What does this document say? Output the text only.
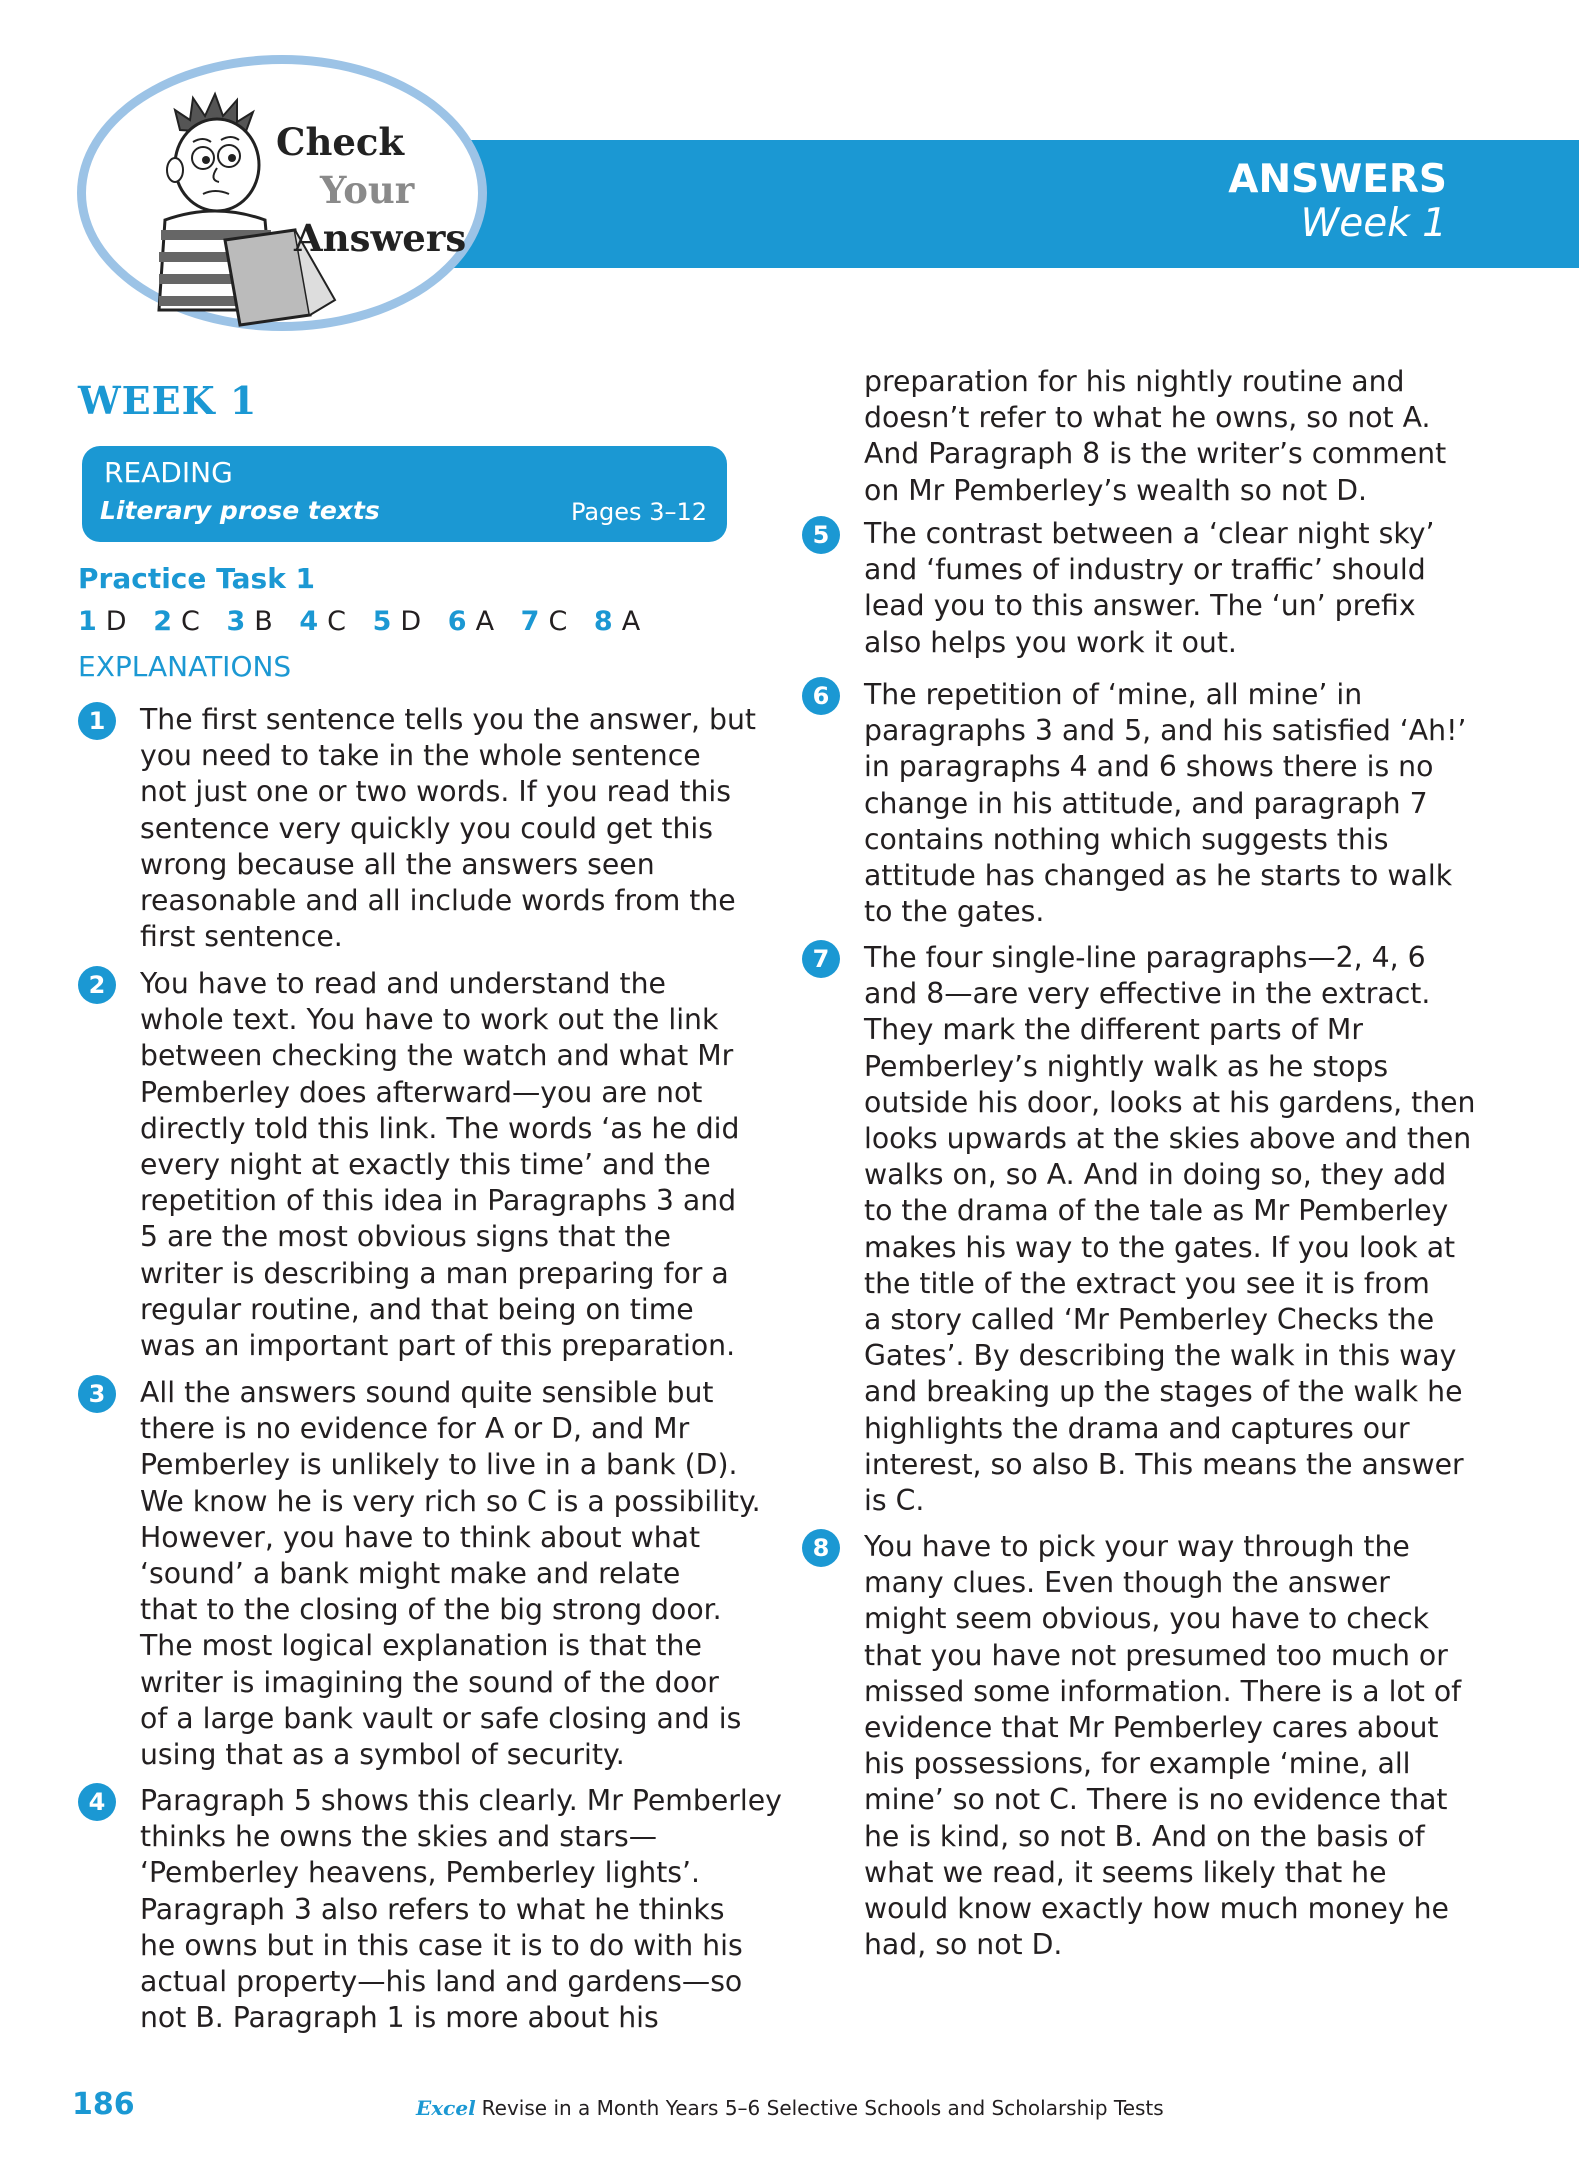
ANSWERS
Week 1
Check
Your
Answers
WEEK 1
READING
Literary prose texts	Pages 3–12
Practice Task 1
1 D 2 C 3 B 4 C 5 D 6 A 7 C 8 A
EXPLANATIONS
1	The first sentence tells you the answer, but
you need to take in the whole sentence
not just one or two words. If you read this
sentence very quickly you could get this
wrong because all the answers seen
reasonable and all include words from the
first sentence.
2	You have to read and understand the
whole text. You have to work out the link
between checking the watch and what Mr
Pemberley does afterward—you are not
directly told this link. The words ‘as he did
every night at exactly this time’ and the
repetition of this idea in Paragraphs 3 and
5 are the most obvious signs that the
writer is describing a man preparing for a
regular routine, and that being on time
was an important part of this preparation.
3	All the answers sound quite sensible but
there is no evidence for A or D, and Mr
Pemberley is unlikely to live in a bank (D).
We know he is very rich so C is a possibility.
However, you have to think about what
‘sound’ a bank might make and relate
that to the closing of the big strong door.
The most logical explanation is that the
writer is imagining the sound of the door
of a large bank vault or safe closing and is
using that as a symbol of security.
4	Paragraph 5 shows this clearly. Mr Pemberley
thinks he owns the skies and stars—
‘Pemberley heavens, Pemberley lights’.
Paragraph 3 also refers to what he thinks
he owns but in this case it is to do with his
actual property—his land and gardens—so
not B. Paragraph 1 is more about his
preparation for his nightly routine and
doesn’t refer to what he owns, so not A.
And Paragraph 8 is the writer’s comment
on Mr Pemberley’s wealth so not D.
5	The contrast between a ‘clear night sky’
and ‘fumes of industry or traffic’ should
lead you to this answer. The ‘un’ prefix
also helps you work it out.
6	The repetition of ‘mine, all mine’ in
paragraphs 3 and 5, and his satisfied ‘Ah!’
in paragraphs 4 and 6 shows there is no
change in his attitude, and paragraph 7
contains nothing which suggests this
attitude has changed as he starts to walk
to the gates.
7	The four single-line paragraphs—2, 4, 6
and 8—are very effective in the extract.
They mark the different parts of Mr
Pemberley’s nightly walk as he stops
outside his door, looks at his gardens, then
looks upwards at the skies above and then
walks on, so A. And in doing so, they add
to the drama of the tale as Mr Pemberley
makes his way to the gates. If you look at
the title of the extract you see it is from
a story called ‘Mr Pemberley Checks the
Gates’. By describing the walk in this way
and breaking up the stages of the walk he
highlights the drama and captures our
interest, so also B. This means the answer
is C.
8	You have to pick your way through the
many clues. Even though the answer
might seem obvious, you have to check
that you have not presumed too much or
missed some information. There is a lot of
evidence that Mr Pemberley cares about
his possessions, for example ‘mine, all
mine’ so not C. There is no evidence that
he is kind, so not B. And on the basis of
what we read, it seems likely that he
would know exactly how much money he
had, so not D.
186	Excel Revise in a Month Years 5–6 Selective Schools and Scholarship Tests
